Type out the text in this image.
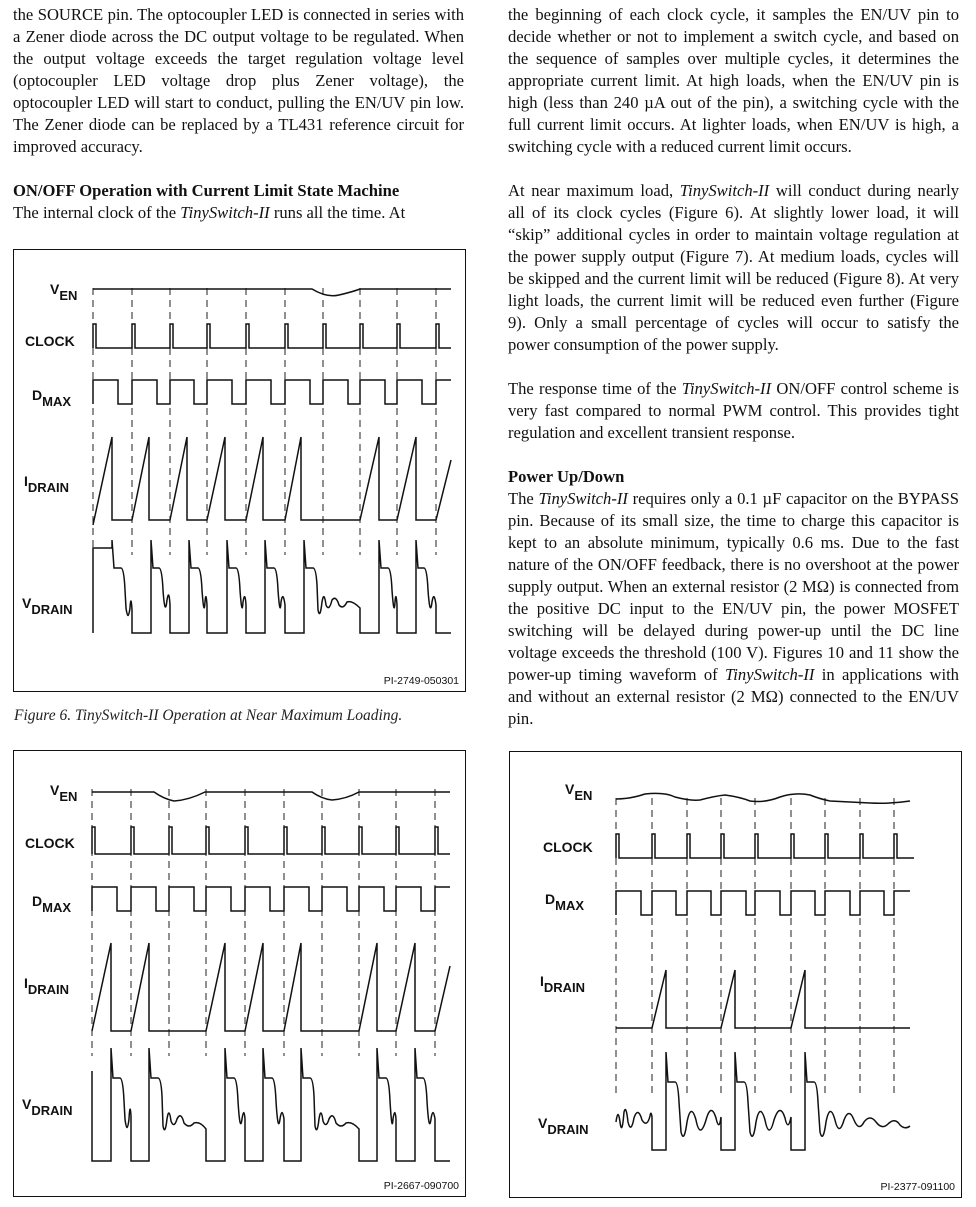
the SOURCE pin. The optocoupler LED is connected in series with a Zener diode across the DC output voltage to be regulated. When the output voltage exceeds the target regulation voltage level (optocoupler LED voltage drop plus Zener voltage), the optocoupler LED will start to conduct, pulling the EN/UV pin low. The Zener diode can be replaced by a TL431 reference circuit for improved accuracy.

ON/OFF Operation with Current Limit State Machine

The internal clock of the TinySwitch-II runs all the time. At

the beginning of each clock cycle, it samples the EN/UV pin to decide whether or not to implement a switch cycle, and based on the sequence of samples over multiple cycles, it determines the appropriate current limit. At high loads, when the EN/UV pin is high (less than 240 µA out of the pin), a switching cycle with the full current limit occurs. At lighter loads, when EN/UV is high, a switching cycle with a reduced current limit occurs.

At near maximum load, TinySwitch-II will conduct during nearly all of its clock cycles (Figure 6). At slightly lower load, it will “skip” additional cycles in order to maintain voltage regulation at the power supply output (Figure 7). At medium loads, cycles will be skipped and the current limit will be reduced (Figure 8). At very light loads, the current limit will be reduced even further (Figure 9). Only a small percentage of cycles will occur to satisfy the power consumption of the power supply.

The response time of the TinySwitch-II ON/OFF control scheme is very fast compared to normal PWM control. This provides tight regulation and excellent transient response.

Power Up/Down

The TinySwitch-II requires only a 0.1 µF capacitor on the BYPASS pin. Because of its small size, the time to charge this capacitor is kept to an absolute minimum, typically 0.6 ms. Due to the fast nature of the ON/OFF feedback, there is no overshoot at the power supply output. When an external resistor (2 MΩ) is connected from the positive DC input to the EN/UV pin, the power MOSFET switching will be delayed during power-up until the DC line voltage exceeds the threshold (100 V). Figures 10 and 11 show the power-up timing waveform of TinySwitch-II in applications with and without an external resistor (2 MΩ) connected to the EN/UV pin.

VEN
CLOCK
DMAX
IDRAIN
VDRAIN
PI-2749-050301
Figure 6. TinySwitch-II Operation at Near Maximum Loading.
VEN
CLOCK
DMAX
IDRAIN
VDRAIN
PI-2667-090700
VEN
CLOCK
DMAX
IDRAIN
VDRAIN
PI-2377-091100
